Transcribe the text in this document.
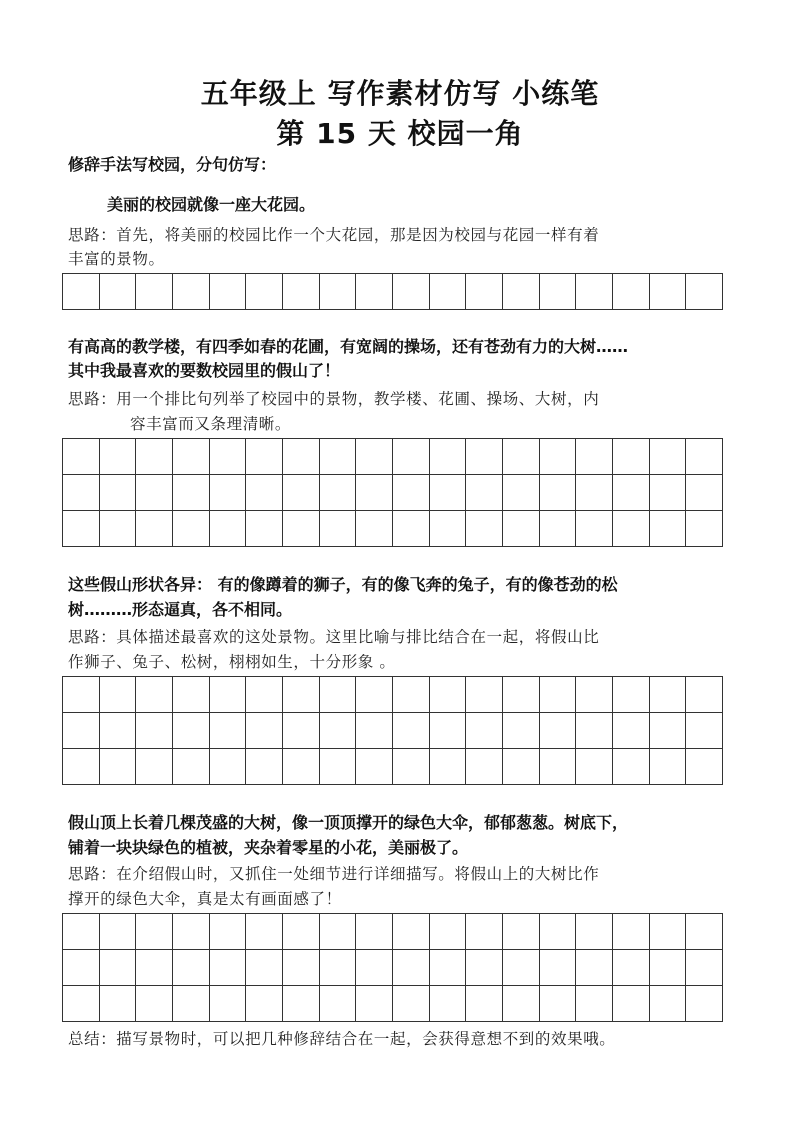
五年级上 写作素材仿写 小练笔
第 15 天 校园一角
修辞手法写校园，分句仿写：
美丽的校园就像一座大花园。
思路：首先，将美丽的校园比作一个大花园，那是因为校园与花园一样有着
丰富的景物。
有高高的教学楼，有四季如春的花圃，有宽阔的操场，还有苍劲有力的大树……
其中我最喜欢的要数校园里的假山了！
思路：用一个排比句列举了校园中的景物，教学楼、花圃、操场、大树，内
容丰富而又条理清晰。
这些假山形状各异： 有的像蹲着的狮子，有的像飞奔的兔子，有的像苍劲的松
树………形态逼真，各不相同。
思路：具体描述最喜欢的这处景物。这里比喻与排比结合在一起，将假山比
作狮子、兔子、松树，栩栩如生，十分形象 。
假山顶上长着几棵茂盛的大树，像一顶顶撑开的绿色大伞，郁郁葱葱。树底下，
铺着一块块绿色的植被，夹杂着零星的小花，美丽极了。
思路：在介绍假山时，又抓住一处细节进行详细描写。将假山上的大树比作
撑开的绿色大伞，真是太有画面感了！
总结：描写景物时，可以把几种修辞结合在一起，会获得意想不到的效果哦。
